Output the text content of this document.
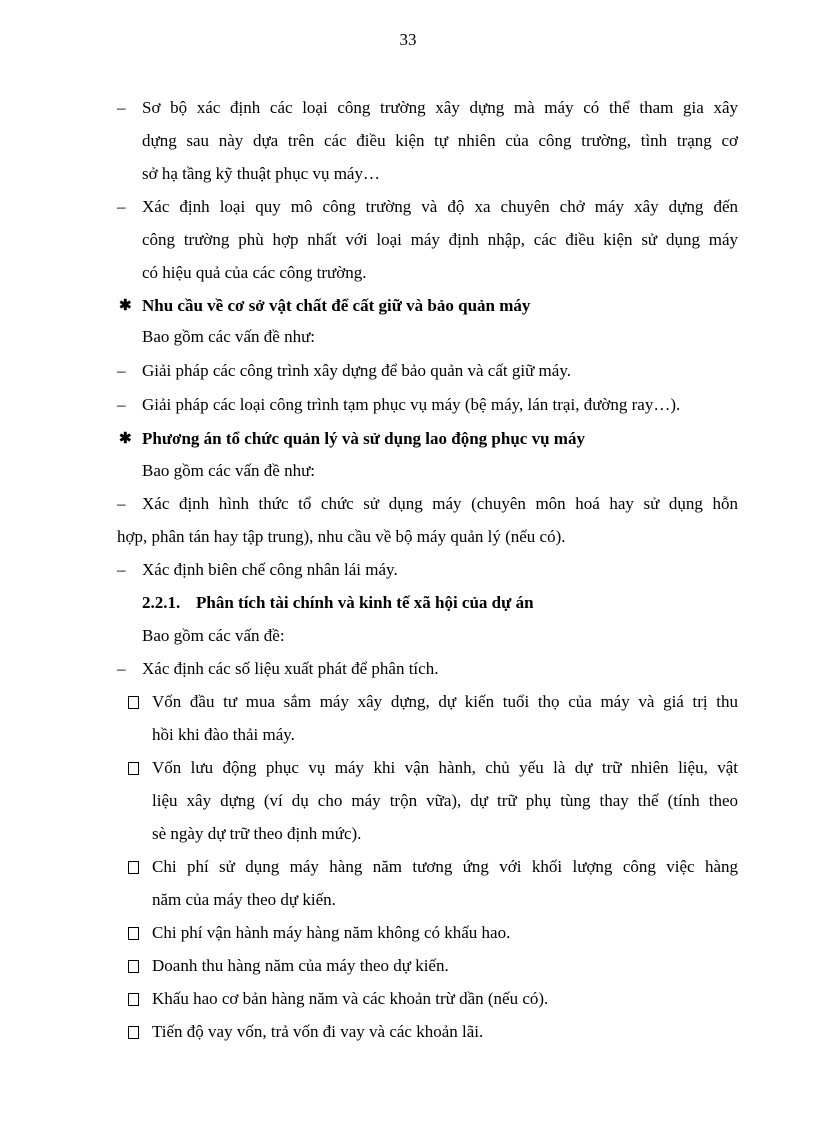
33
– Sơ bộ xác định các loại công trường xây dựng mà máy có thể tham gia xây
dựng sau này dựa trên các điều kiện tự nhiên của công trường, tình trạng cơ
sở hạ tầng kỹ thuật phục vụ máy…
– Xác định loại quy mô công trường và độ xa chuyên chở máy xây dựng đến
công trường phù hợp nhất với loại máy định nhập, các điều kiện sử dụng máy
có hiệu quả của các công trường.
✱ Nhu cầu về cơ sở vật chất để cất giữ và bảo quản máy
Bao gồm các vấn đề như:
– Giải pháp các công trình xây dựng để bảo quản và cất giữ máy.
– Giải pháp các loại công trình tạm phục vụ máy (bệ máy, lán trại, đường ray…).
✱ Phương án tổ chức quản lý và sử dụng lao động phục vụ máy
Bao gồm các vấn đề như:
– Xác định hình thức tổ chức sử dụng máy (chuyên môn hoá hay sử dụng hỗn
hợp, phân tán hay tập trung), nhu cầu về bộ máy quản lý (nếu có).
– Xác định biên chế công nhân lái máy.
2.2.1. Phân tích tài chính và kinh tế xã hội của dự án
Bao gồm các vấn đề:
– Xác định các số liệu xuất phát để phân tích.
Vốn đầu tư mua sắm máy xây dựng, dự kiến tuổi thọ của máy và giá trị thu
hồi khi đào thải máy.
Vốn lưu động phục vụ máy khi vận hành, chủ yếu là dự trữ nhiên liệu, vật
liệu xây dựng (ví dụ cho máy trộn vữa), dự trữ phụ tùng thay thế (tính theo
sè ngày dự trữ theo định mức).
Chi phí sử dụng máy hàng năm tương ứng với khối lượng công việc hàng
năm của máy theo dự kiến.
Chi phí vận hành máy hàng năm không có khấu hao.
Doanh thu hàng năm của máy theo dự kiến.
Khấu hao cơ bản hàng năm và các khoản trừ dần (nếu có).
Tiến độ vay vốn, trả vốn đi vay và các khoản lãi.
